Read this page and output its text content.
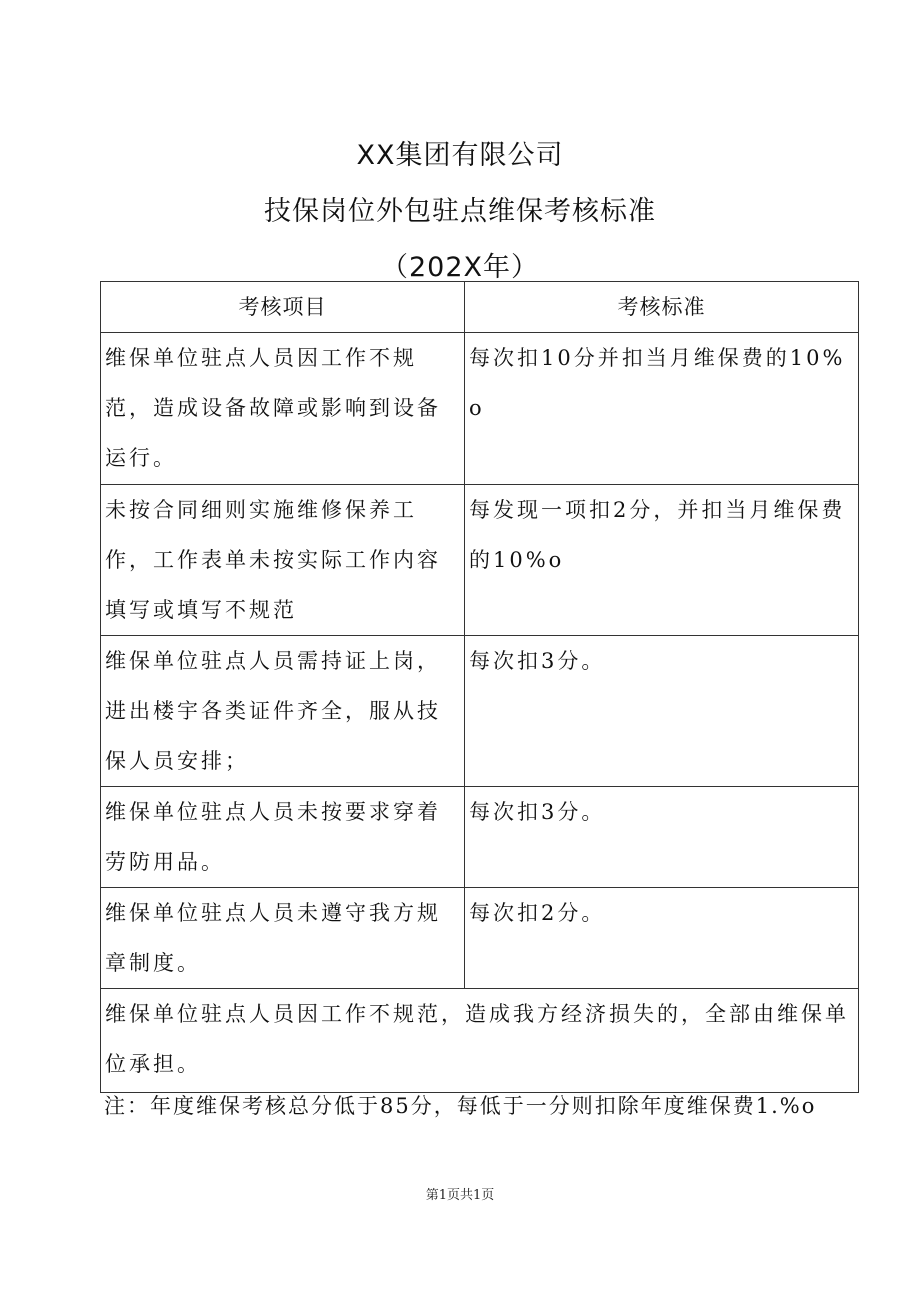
XX集团有限公司
技保岗位外包驻点维保考核标准
（202X年）
考核项目	考核标准
维保单位驻点人员因工作不规范，造成设备故障或影响到设备运行。	每次扣10分并扣当月维保费的10%o
未按合同细则实施维修保养工作，工作表单未按实际工作内容填写或填写不规范	每发现一项扣2分，并扣当月维保费的10%o
维保单位驻点人员需持证上岗，进出楼宇各类证件齐全，服从技保人员安排；	每次扣3分。
维保单位驻点人员未按要求穿着劳防用品。	每次扣3分。
维保单位驻点人员未遵守我方规章制度。	每次扣2分。
维保单位驻点人员因工作不规范，造成我方经济损失的，全部由维保单位承担。	
注：年度维保考核总分低于85分，每低于一分则扣除年度维保费1.%o
第1页共1页
